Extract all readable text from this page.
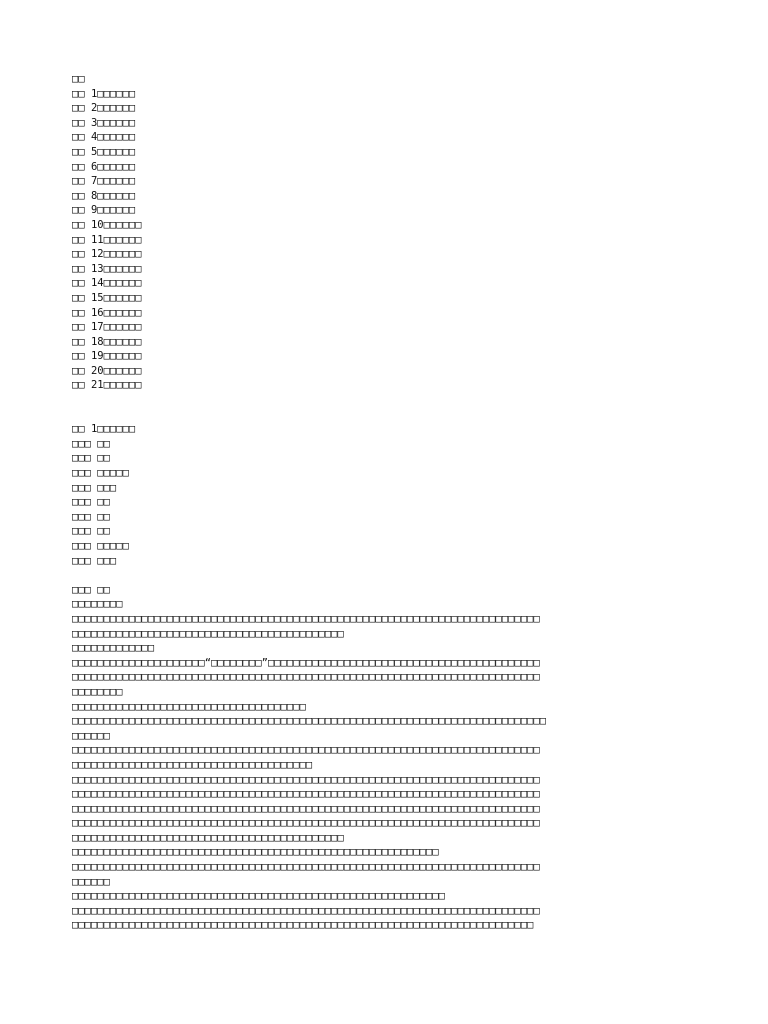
□□
□□ 1□□□□□□
□□ 2□□□□□□
□□ 3□□□□□□
□□ 4□□□□□□
□□ 5□□□□□□
□□ 6□□□□□□
□□ 7□□□□□□
□□ 8□□□□□□
□□ 9□□□□□□
□□ 10□□□□□□
□□ 11□□□□□□
□□ 12□□□□□□
□□ 13□□□□□□
□□ 14□□□□□□
□□ 15□□□□□□
□□ 16□□□□□□
□□ 17□□□□□□
□□ 18□□□□□□
□□ 19□□□□□□
□□ 20□□□□□□
□□ 21□□□□□□
□□ 1□□□□□□
□□□ □□
□□□ □□
□□□ □□□□□
□□□ □□□
□□□ □□
□□□ □□
□□□ □□
□□□ □□□□□
□□□ □□□
□□□ □□
□□□□□□□□
□□□□□□□□□□□□□□□□□□□□□□□□□□□□□□□□□□□□□□□□□□□□□□□□□□□□□□□□□□□□□□□□□□□□□□□□□□
□□□□□□□□□□□□□□□□□□□□□□□□□□□□□□□□□□□□□□□□□□□
□□□□□□□□□□□□□
□□□□□□□□□□□□□□□□□□□□□“□□□□□□□□”□□□□□□□□□□□□□□□□□□□□□□□□□□□□□□□□□□□□□□□□□□□
□□□□□□□□□□□□□□□□□□□□□□□□□□□□□□□□□□□□□□□□□□□□□□□□□□□□□□□□□□□□□□□□□□□□□□□□□□
□□□□□□□□
□□□□□□□□□□□□□□□□□□□□□□□□□□□□□□□□□□□□□
□□□□□□□□□□□□□□□□□□□□□□□□□□□□□□□□□□□□□□□□□□□□□□□□□□□□□□□□□□□□□□□□□□□□□□□□□□□
□□□□□□
□□□□□□□□□□□□□□□□□□□□□□□□□□□□□□□□□□□□□□□□□□□□□□□□□□□□□□□□□□□□□□□□□□□□□□□□□□
□□□□□□□□□□□□□□□□□□□□□□□□□□□□□□□□□□□□□□
□□□□□□□□□□□□□□□□□□□□□□□□□□□□□□□□□□□□□□□□□□□□□□□□□□□□□□□□□□□□□□□□□□□□□□□□□□
□□□□□□□□□□□□□□□□□□□□□□□□□□□□□□□□□□□□□□□□□□□□□□□□□□□□□□□□□□□□□□□□□□□□□□□□□□
□□□□□□□□□□□□□□□□□□□□□□□□□□□□□□□□□□□□□□□□□□□□□□□□□□□□□□□□□□□□□□□□□□□□□□□□□□
□□□□□□□□□□□□□□□□□□□□□□□□□□□□□□□□□□□□□□□□□□□□□□□□□□□□□□□□□□□□□□□□□□□□□□□□□□
□□□□□□□□□□□□□□□□□□□□□□□□□□□□□□□□□□□□□□□□□□□
□□□□□□□□□□□□□□□□□□□□□□□□□□□□□□□□□□□□□□□□□□□□□□□□□□□□□□□□□□
□□□□□□□□□□□□□□□□□□□□□□□□□□□□□□□□□□□□□□□□□□□□□□□□□□□□□□□□□□□□□□□□□□□□□□□□□□
□□□□□□
□□□□□□□□□□□□□□□□□□□□□□□□□□□□□□□□□□□□□□□□□□□□□□□□□□□□□□□□□□□
□□□□□□□□□□□□□□□□□□□□□□□□□□□□□□□□□□□□□□□□□□□□□□□□□□□□□□□□□□□□□□□□□□□□□□□□□□
□□□□□□□□□□□□□□□□□□□□□□□□□□□□□□□□□□□□□□□□□□□□□□□□□□□□□□□□□□□□□□□□□□□□□□□□□
